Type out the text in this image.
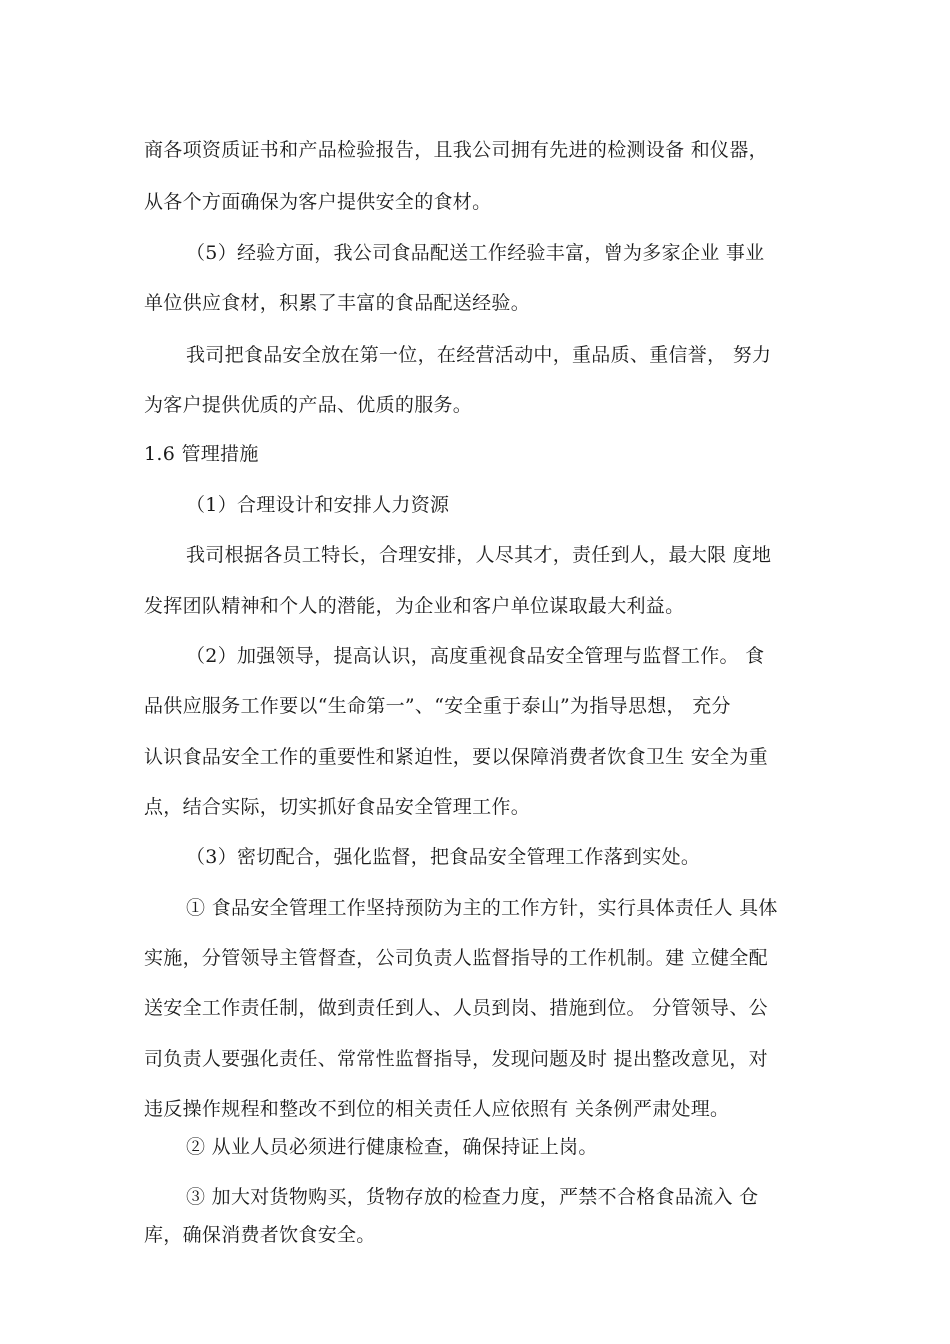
商各项资质证书和产品检验报告，且我公司拥有先进的检测设备 和仪器，
从各个方面确保为客户提供安全的食材。
（5）经验方面，我公司食品配送工作经验丰富，曾为多家企业 事业
单位供应食材，积累了丰富的食品配送经验。
我司把食品安全放在第一位，在经营活动中，重品质、重信誉， 努力
为客户提供优质的产品、优质的服务。
1.6 管理措施
（1）合理设计和安排人力资源
我司根据各员工特长，合理安排，人尽其才，责任到人，最大限 度地
发挥团队精神和个人的潜能，为企业和客户单位谋取最大利益。
（2）加强领导，提高认识，高度重视食品安全管理与监督工作。 食
品供应服务工作要以“生命第一”、“安全重于泰山”为指导思想， 充分
认识食品安全工作的重要性和紧迫性，要以保障消费者饮食卫生 安全为重
点，结合实际，切实抓好食品安全管理工作。
（3）密切配合，强化监督，把食品安全管理工作落到实处。
① 食品安全管理工作坚持预防为主的工作方针，实行具体责任人 具体
实施，分管领导主管督查，公司负责人监督指导的工作机制。建 立健全配
送安全工作责任制，做到责任到人、人员到岗、措施到位。 分管领导、公
司负责人要强化责任、常常性监督指导，发现问题及时 提出整改意见，对
违反操作规程和整改不到位的相关责任人应依照有 关条例严肃处理。
② 从业人员必须进行健康检查，确保持证上岗。
③ 加大对货物购买，货物存放的检查力度，严禁不合格食品流入 仓
库，确保消费者饮食安全。
